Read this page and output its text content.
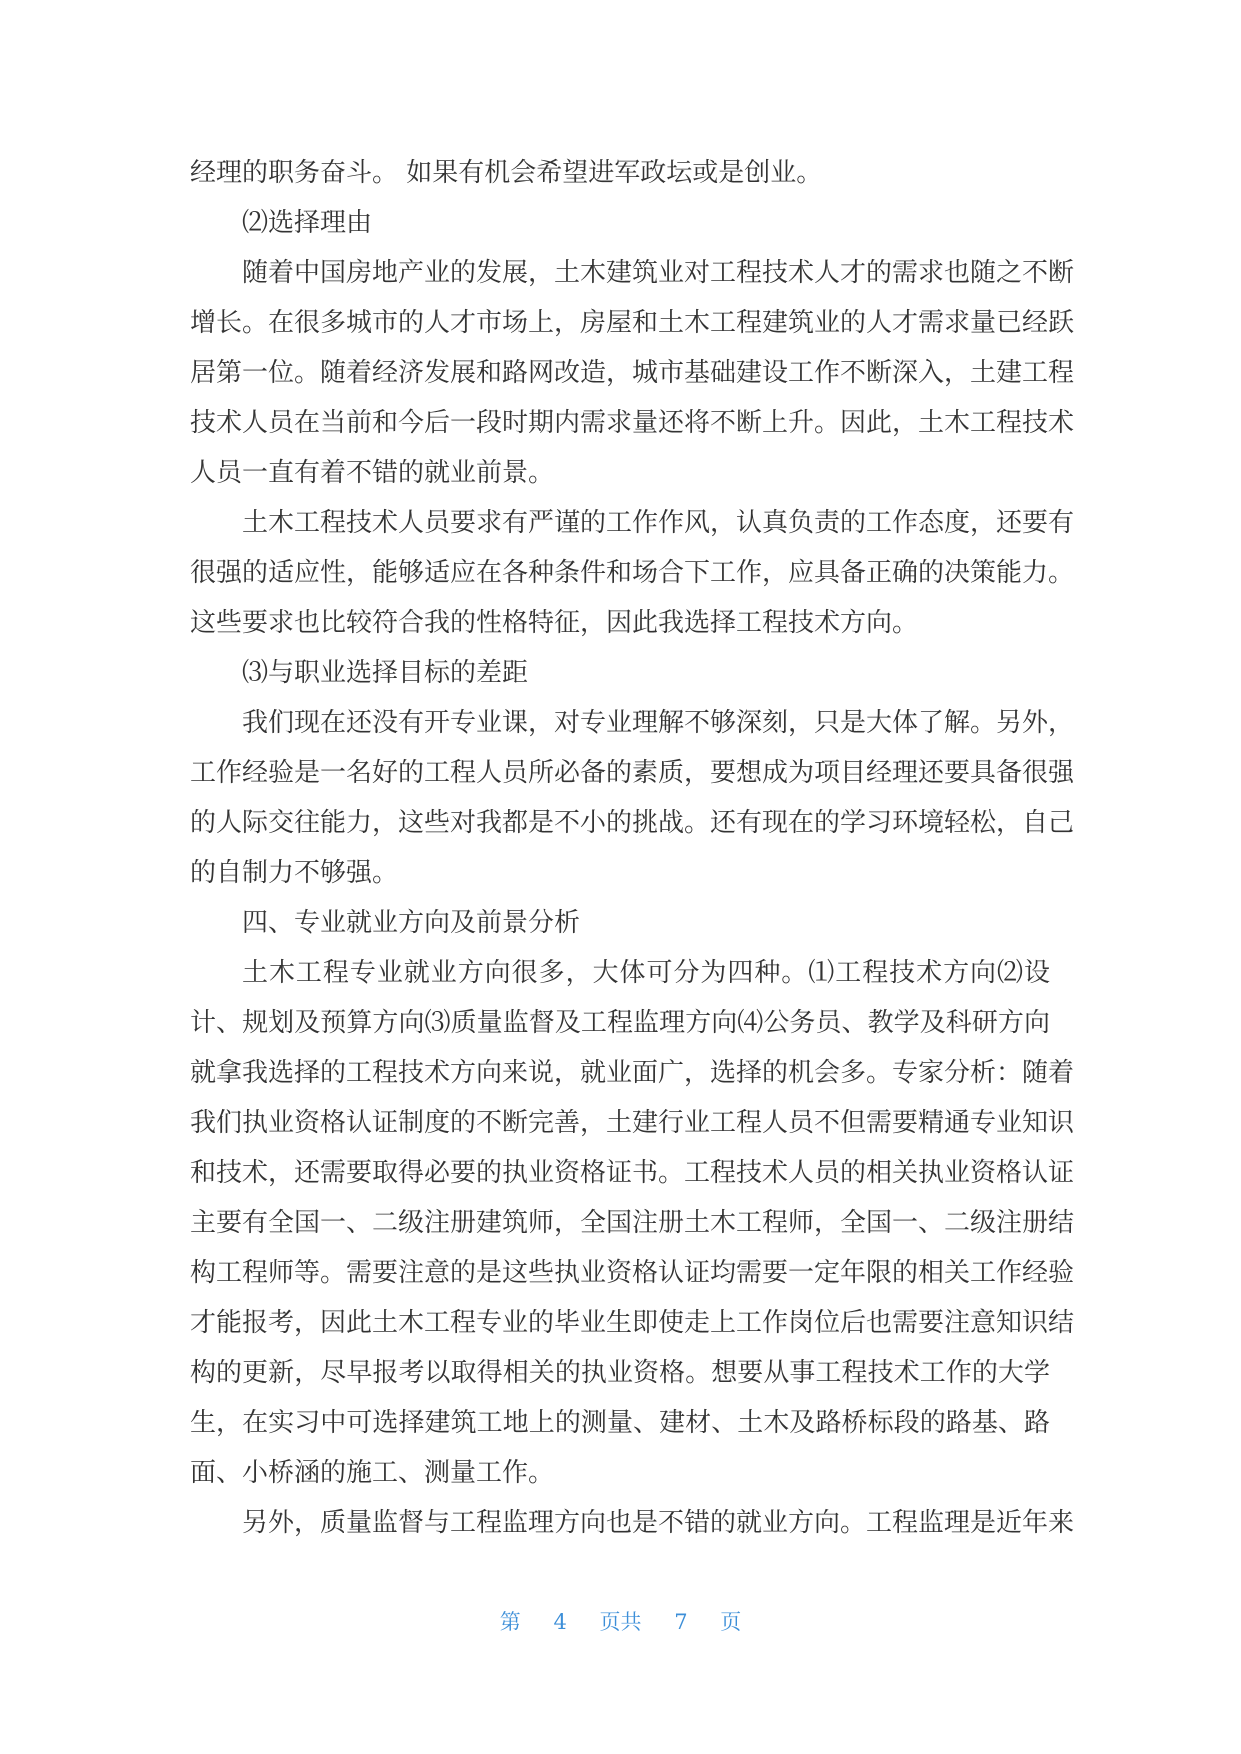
经理的职务奋斗。 如果有机会希望进军政坛或是创业。
⑵选择理由
随着中国房地产业的发展，土木建筑业对工程技术人才的需求也随之不断
增长。在很多城市的人才市场上，房屋和土木工程建筑业的人才需求量已经跃
居第一位。随着经济发展和路网改造，城市基础建设工作不断深入，土建工程
技术人员在当前和今后一段时期内需求量还将不断上升。因此，土木工程技术
人员一直有着不错的就业前景。
土木工程技术人员要求有严谨的工作作风，认真负责的工作态度，还要有
很强的适应性，能够适应在各种条件和场合下工作，应具备正确的决策能力。
这些要求也比较符合我的性格特征，因此我选择工程技术方向。
⑶与职业选择目标的差距
我们现在还没有开专业课，对专业理解不够深刻，只是大体了解。另外，
工作经验是一名好的工程人员所必备的素质，要想成为项目经理还要具备很强
的人际交往能力，这些对我都是不小的挑战。还有现在的学习环境轻松，自己
的自制力不够强。
四、专业就业方向及前景分析
土木工程专业就业方向很多，大体可分为四种。⑴工程技术方向⑵设
计、规划及预算方向⑶质量监督及工程监理方向⑷公务员、教学及科研方向
就拿我选择的工程技术方向来说，就业面广，选择的机会多。专家分析：随着
我们执业资格认证制度的不断完善，土建行业工程人员不但需要精通专业知识
和技术，还需要取得必要的执业资格证书。工程技术人员的相关执业资格认证
主要有全国一、二级注册建筑师，全国注册土木工程师，全国一、二级注册结
构工程师等。需要注意的是这些执业资格认证均需要一定年限的相关工作经验
才能报考，因此土木工程专业的毕业生即使走上工作岗位后也需要注意知识结
构的更新，尽早报考以取得相关的执业资格。想要从事工程技术工作的大学
生，在实习中可选择建筑工地上的测量、建材、土木及路桥标段的路基、路
面、小桥涵的施工、测量工作。
另外，质量监督与工程监理方向也是不错的就业方向。工程监理是近年来
第 4 页共 7 页
